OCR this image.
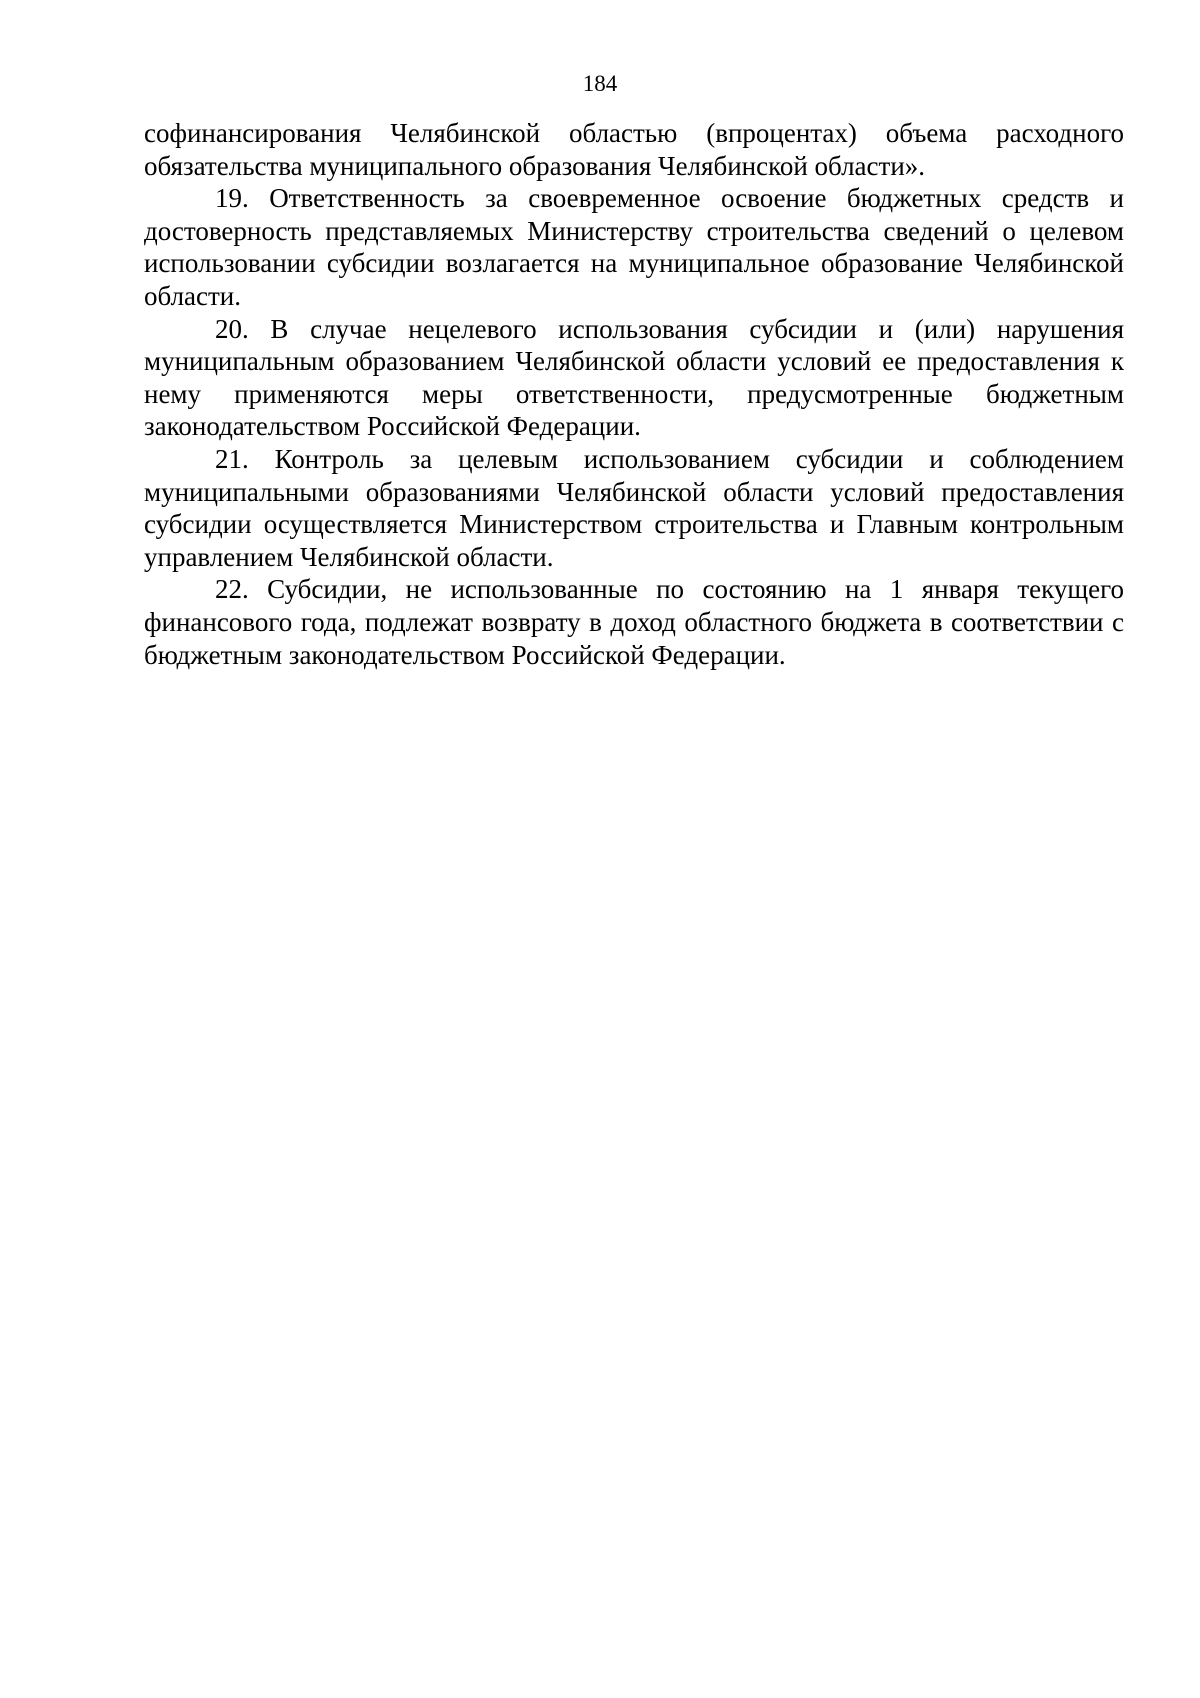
184

софинансирования Челябинской областью (впроцентах) объема расходного обязательства муниципального образования Челябинской области».

19. Ответственность за своевременное освоение бюджетных средств и достоверность представляемых Министерству строительства сведений о целевом использовании субсидии возлагается на муниципальное образование Челябинской области.

20. В случае нецелевого использования субсидии и (или) нарушения муниципальным образованием Челябинской области условий ее предоставления к нему применяются меры ответственности, предусмотренные бюджетным законодательством Российской Федерации.

21. Контроль за целевым использованием субсидии и соблюдением муниципальными образованиями Челябинской области условий предоставления субсидии осуществляется Министерством строительства и Главным контрольным управлением Челябинской области.

22. Субсидии, не использованные по состоянию на 1 января текущего финансового года, подлежат возврату в доход областного бюджета в соответствии с бюджетным законодательством Российской Федерации.
